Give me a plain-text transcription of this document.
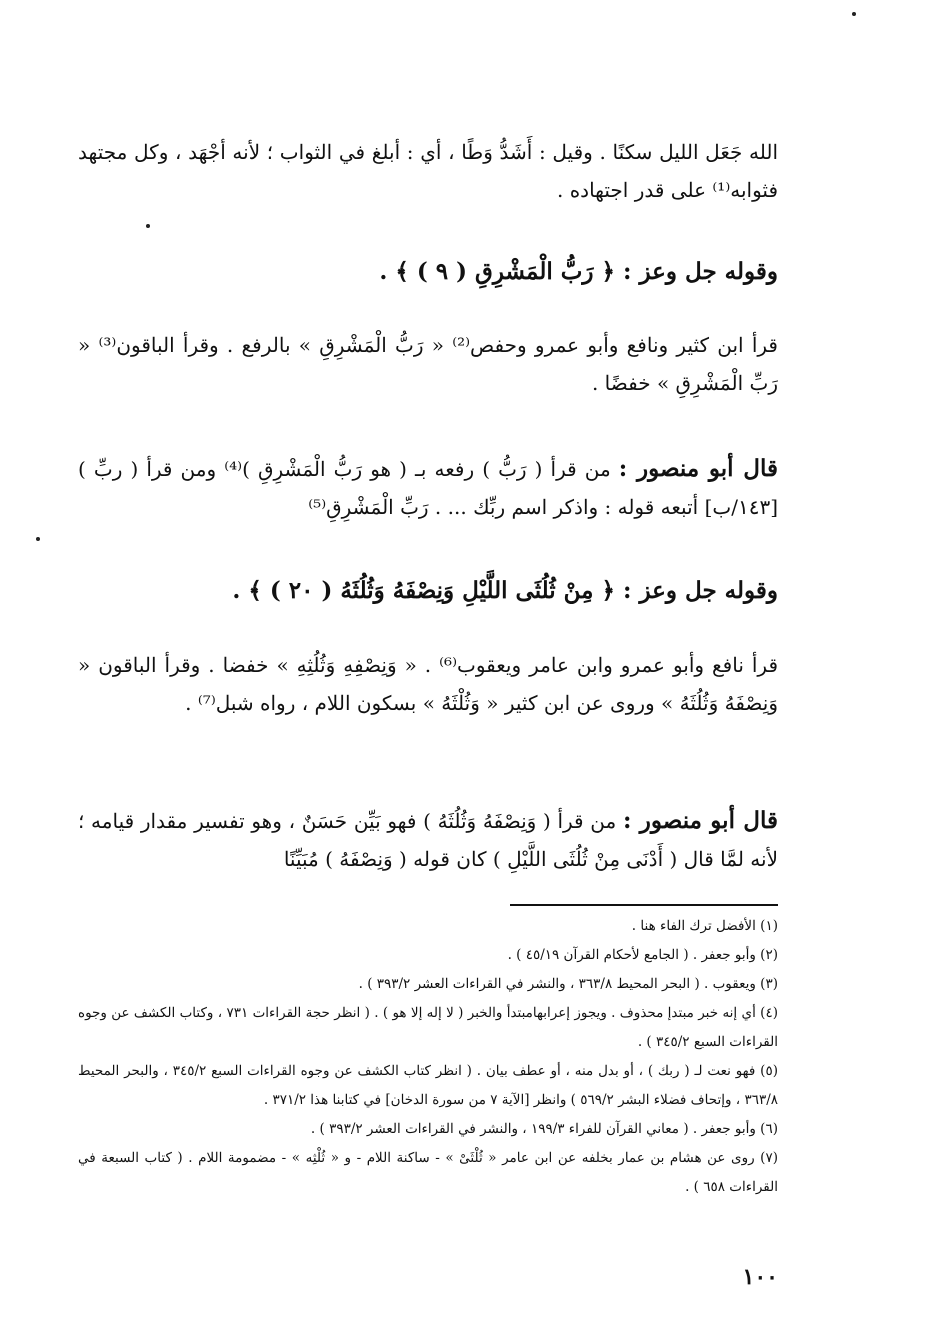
الله جَعَل الليل سكنًا . وقيل : أَشَدُّ وَطًا ، أي : أبلغ في الثواب ؛ لأنه أجْهَد ، وكل مجتهد فثوابه⁽¹⁾ على قدر اجتهاده .

وقوله جل وعز : ﴿ رَبُّ الْمَشْرِقِ ( ٩ ) ﴾ .

قرأ ابن كثير ونافع وأبو عمرو وحفص⁽²⁾ « رَبُّ الْمَشْرِقِ » بالرفع . وقرأ الباقون⁽³⁾ « رَبِّ الْمَشْرِقِ » خفضًا .

قال أبو منصور : من قرأ ( رَبُّ ) رفعه بـ ( هو رَبُّ الْمَشْرِقِ )⁽⁴⁾ ومن قرأ ( ربِّ ) [١٤٣/ب] أتبعه قوله : واذكر اسم ربِّك ... . رَبِّ الْمَشْرِقِ⁽⁵⁾

وقوله جل وعز : ﴿ مِنْ ثُلُثَى اللَّيْلِ وَنِصْفَهُ وَثُلُثَهُ ( ٢٠ ) ﴾ .

قرأ نافع وأبو عمرو وابن عامر ويعقوب⁽⁶⁾ . « وَنِصْفِهِ وَثُلُثِهِ » خفضا . وقرأ الباقون « وَنِصْفَهُ وَثُلُثَهُ » وروى عن ابن كثير « وَثُلْثَهُ » بسكون اللام ، رواه شبل⁽⁷⁾ .

قال أبو منصور : من قرأ ( وَنِصْفَهُ وَثُلُثَهُ ) فهو بَيِّن حَسَنٌ ، وهو تفسير مقدار قيامه ؛ لأنه لمَّا قال ( أَدْنَى مِنْ ثُلُثَى اللَّيْلِ ) كان قوله ( وَنِصْفَهُ ) مُبَيِّنًا
(١) الأفضل ترك الفاء هنا .
(٢) وأبو جعفر . ( الجامع لأحكام القرآن ٤٥/١٩ ) .
(٣) ويعقوب . ( البحر المحيط ٣٦٣/٨ ، والنشر في القراءات العشر ٣٩٣/٢ ) .
(٤) أي إنه خبر مبتدإ محذوف . ويجوز إعرابهامبتدأ والخبر ( لا إله إلا هو ) . ( انظر حجة القراءات ٧٣١ ، وكتاب الكشف عن وجوه القراءات السبع ٣٤٥/٢ ) .
(٥) فهو نعت لـ ( ربك ) ، أو بدل منه ، أو عطف بيان . ( انظر كتاب الكشف عن وجوه القراءات السبع ٣٤٥/٢ ، والبحر المحيط ٣٦٣/٨ ، وإتحاف فضلاء البشر ٥٦٩/٢ ) وانظر [الآية ٧ من سورة الدخان] في كتابنا هذا ٣٧١/٢ .
(٦) وأبو جعفر . ( معاني القرآن للفراء ١٩٩/٣ ، والنشر في القراءات العشر ٣٩٣/٢ ) .
(٧) روى عن هشام بن عمار بخلفه عن ابن عامر « ثُلْثَىْ » - ساكنة اللام - و « ثُلْثِه » - مضمومة اللام . ( كتاب السبعة في القراءات ٦٥٨ ) .
١٠٠
